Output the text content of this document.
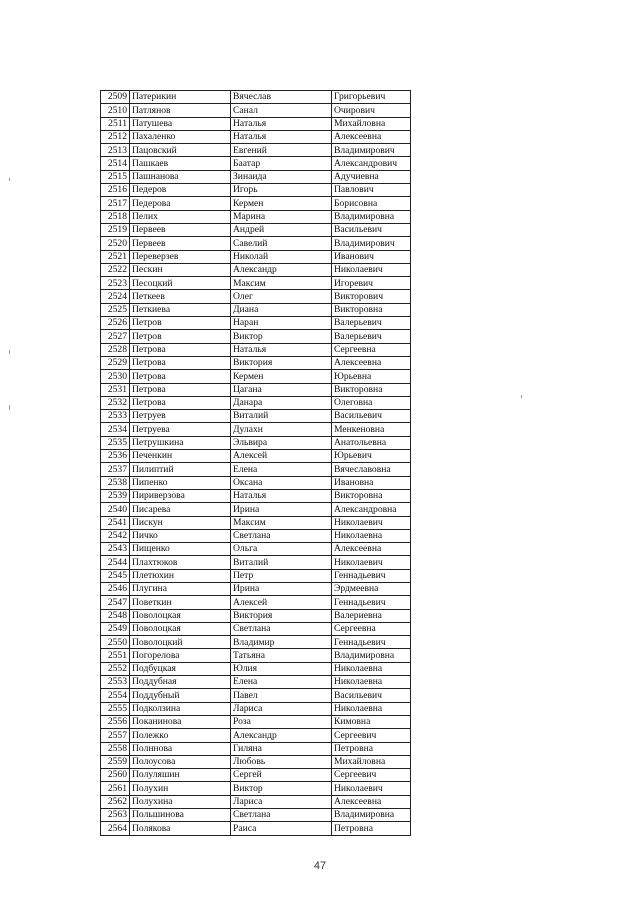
2509	Патерикин	Вячеслав	Григорьевич
2510	Патлянов	Санал	Очирович
2511	Патушева	Наталья	Михайловна
2512	Пахаленко	Наталья	Алексеевна
2513	Пацовский	Евгений	Владимирович
2514	Пашкаев	Баатар	Александрович
2515	Пашнанова	Зинаида	Адучиевна
2516	Педеров	Игорь	Павлович
2517	Педерова	Кермен	Борисовна
2518	Пелих	Марина	Владимировна
2519	Первеев	Андрей	Васильевич
2520	Первеев	Савелий	Владимирович
2521	Переверзев	Николай	Иванович
2522	Пескин	Александр	Николаевич
2523	Песоцкий	Максим	Игоревич
2524	Петкеев	Олег	Викторович
2525	Петкиева	Диана	Викторовна
2526	Петров	Наран	Валерьевич
2527	Петров	Виктор	Валерьевич
2528	Петрова	Наталья	Сергеевна
2529	Петрова	Виктория	Алексеевна
2530	Петрова	Кермен	Юрьевна
2531	Петрова	Цагана	Викторовна
2532	Петрова	Данара	Олеговна
2533	Петруев	Виталий	Васильевич
2534	Петруева	Дулахн	Менкеновна
2535	Петрушкина	Эльвира	Анатольевна
2536	Печенкин	Алексей	Юрьевич
2537	Пилиптий	Елена	Вячеславовна
2538	Пипенко	Оксана	Ивановна
2539	Пириверзова	Наталья	Викторовна
2540	Писарева	Ирина	Александровна
2541	Пискун	Максим	Николаевич
2542	Пичко	Светлана	Николаевна
2543	Пищенко	Ольга	Алексеевна
2544	Плахтюков	Виталий	Николаевич
2545	Плетюхин	Петр	Геннадьевич
2546	Плугина	Ирина	Эрдмеевна
2547	Поветкин	Алексей	Геннадьевич
2548	Поволоцкая	Виктория	Валериевна
2549	Поволоцкая	Светлана	Сергеевна
2550	Поволоцкий	Владимир	Геннадьевич
2551	Погорелова	Татьяна	Владимировна
2552	Подбуцкая	Юлия	Николаевна
2553	Поддубная	Елена	Николаевна
2554	Поддубный	Павел	Васильевич
2555	Подколзина	Лариса	Николаевна
2556	Поканинова	Роза	Кимовна
2557	Полежко	Александр	Сергеевич
2558	Полннова	Гиляна	Петровна
2559	Полоусова	Любовь	Михайловна
2560	Полуляшин	Сергей	Сергеевич
2561	Полухин	Виктор	Николаевич
2562	Полухина	Лариса	Алексеевна
2563	Польшинова	Светлана	Владимировна
2564	Полякова	Раиса	Петровна
47
